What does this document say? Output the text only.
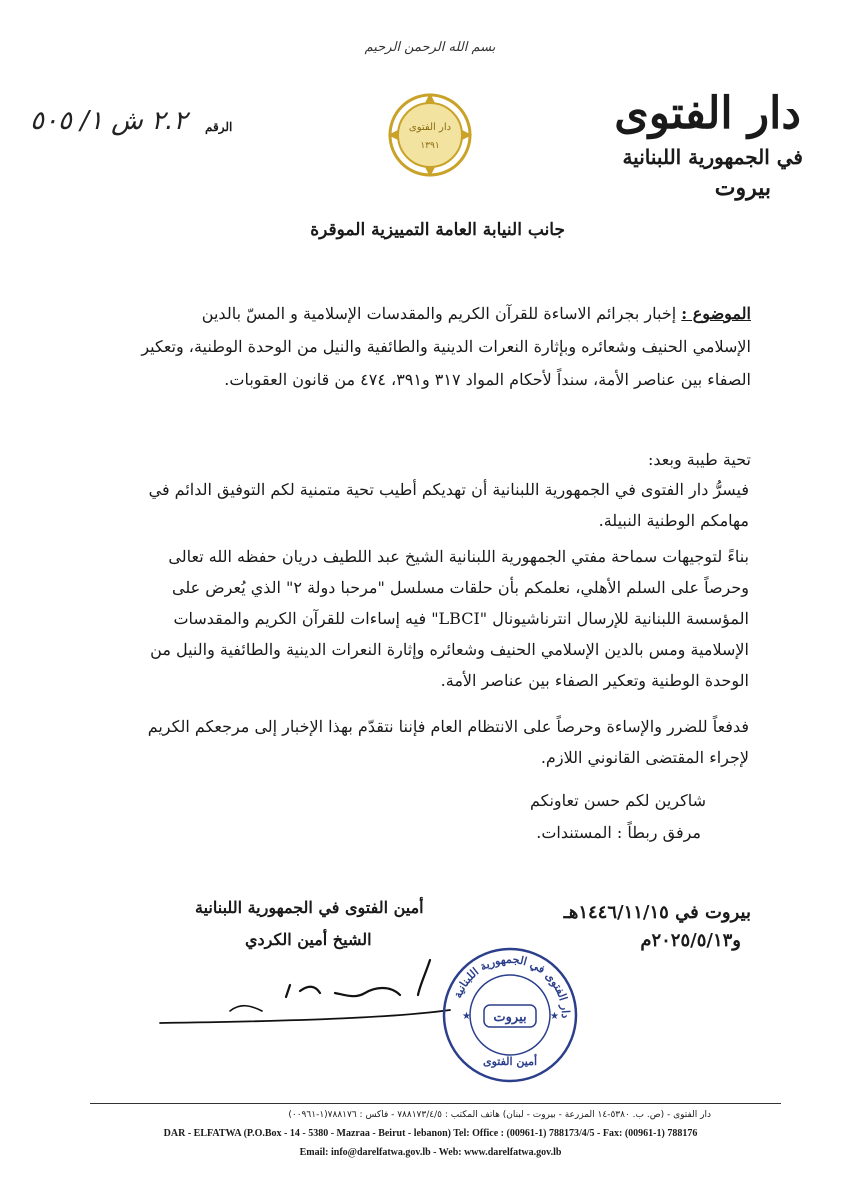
بسم الله الرحمن الرحيم
دار الفتوى
١٣٩١
الرقم
٢.٢ ش ١/ ٥٠٥	دار الفتوى
في الجمهورية اللبنانية
بيروت
جانب النيابة العامة التمييزية الموقرة
الموضوع : إخبار بجرائم الاساءة للقرآن الكريم والمقدسات الإسلامية و المسّ بالدين الإسلامي الحنيف وشعائره وبإثارة النعرات الدينية والطائفية والنيل من الوحدة الوطنية، وتعكير الصفاء بين عناصر الأمة، سنداً لأحكام المواد ٣١٧ و٣٩١، ٤٧٤ من قانون العقوبات.
تحية طيبة وبعد:
فيسرُّ دار الفتوى في الجمهورية اللبنانية أن تهديكم أطيب تحية متمنية لكم التوفيق الدائم في مهامكم الوطنية النبيلة.
بناءً لتوجيهات سماحة مفتي الجمهورية اللبنانية الشيخ عبد اللطيف دريان حفظه الله تعالى وحرصاً على السلم الأهلي، نعلمكم بأن حلقات مسلسل "مرحبا دولة ٢" الذي يُعرض على المؤسسة اللبنانية للإرسال انترناشيونال "LBCI" فيه إساءات للقرآن الكريم والمقدسات الإسلامية ومس بالدين الإسلامي الحنيف وشعائره وإثارة النعرات الدينية والطائفية والنيل من الوحدة الوطنية وتعكير الصفاء بين عناصر الأمة.
فدفعاً للضرر والإساءة وحرصاً على الانتظام العام فإننا نتقدّم بهذا الإخبار إلى مرجعكم الكريم لإجراء المقتضى القانوني اللازم.
شاكرين لكم حسن تعاونكم
مرفق ربطاً : المستندات.
بيروت في ١٤٤٦/١١/١٥هـ
و٢٠٢٥/٥/١٣م
أمين الفتوى في الجمهورية اللبنانية
الشيخ أمين الكردي
دار الفتوى في الجمهورية اللبنانية
بيروت
أمين الفتوى
★	★
دار الفتوى - (ص. ب. ٥٣٨٠-١٤ المزرعة - بيروت - لبنان) هاتف المكتب : ٧٨٨١٧٣/٤/٥ - فاكس : ٧٨٨١٧٦(١-٠٠٩٦١)
DAR - ELFATWA (P.O.Box - 14 - 5380 - Mazraa - Beirut - lebanon) Tel: Office : (00961-1) 788173/4/5 - Fax: (00961-1) 788176
Email: info@darelfatwa.gov.lb - Web: www.darelfatwa.gov.lb
